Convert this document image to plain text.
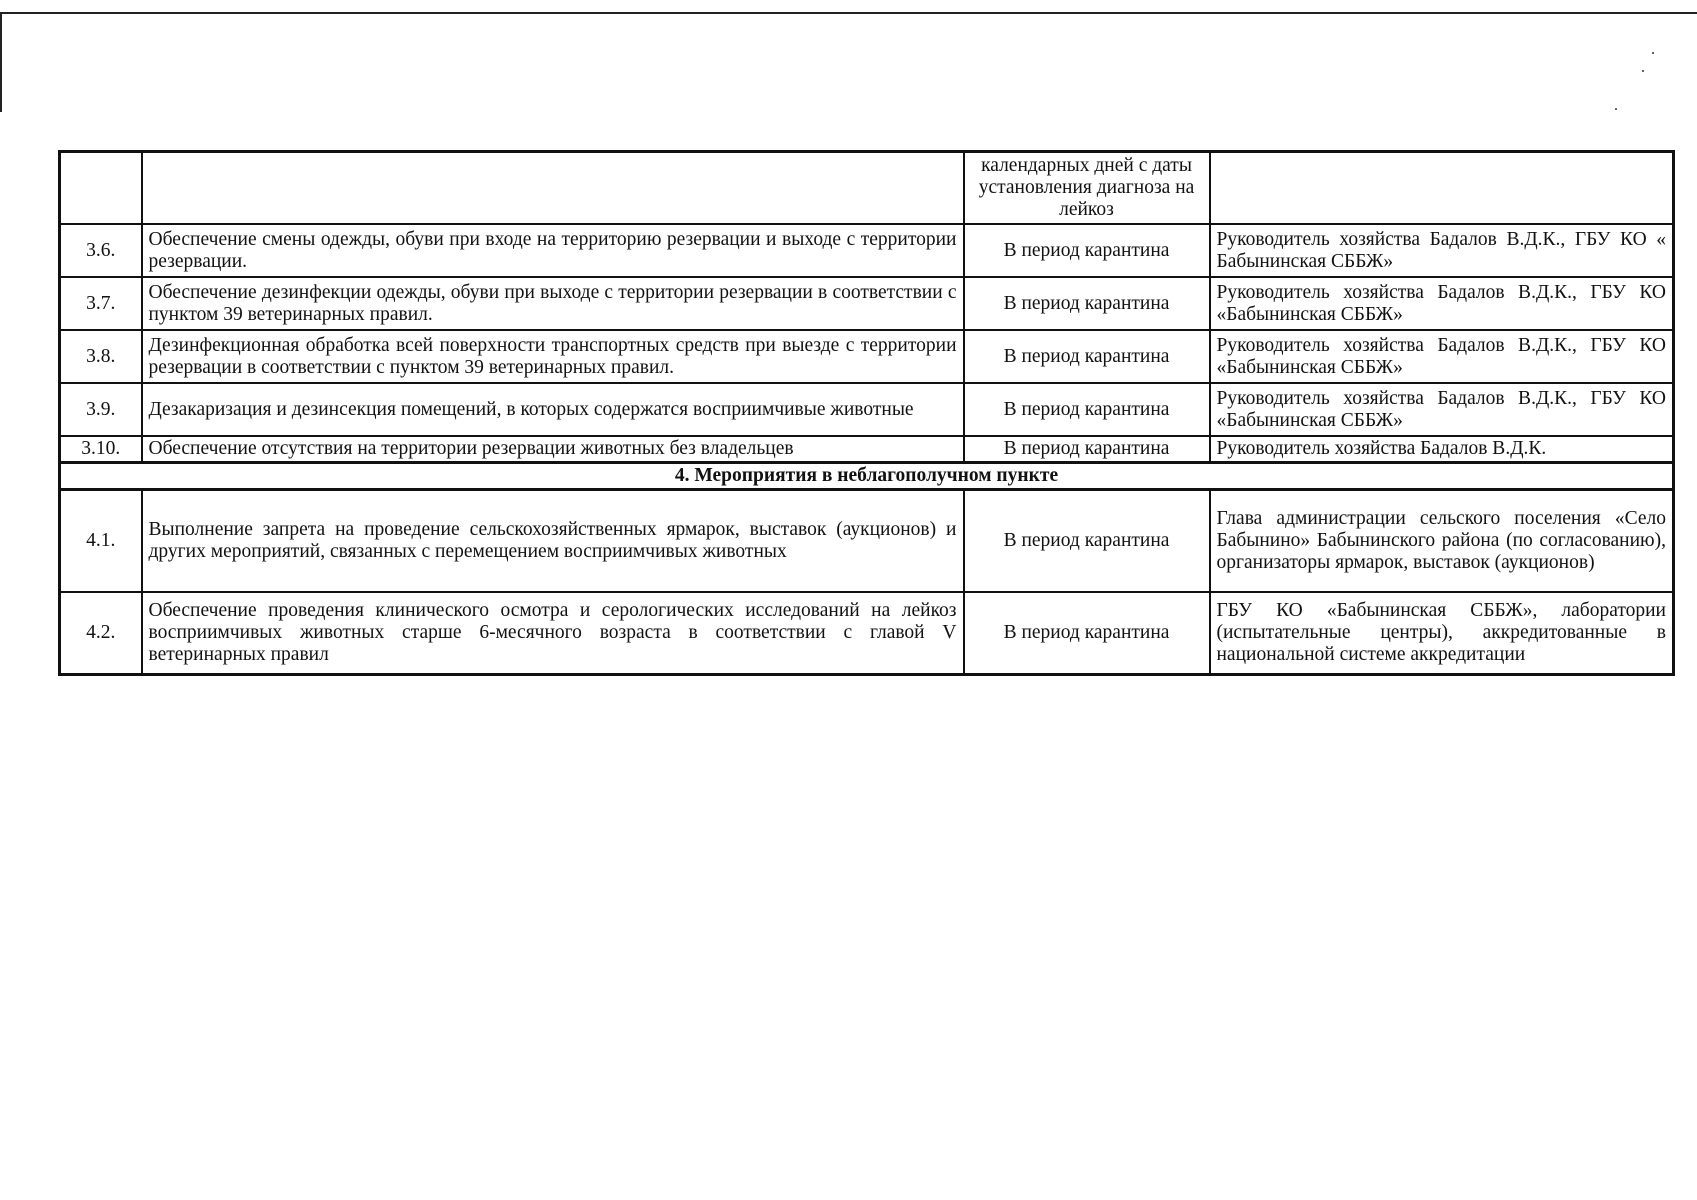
		календарных дней с даты установления диагноза на лейкоз	
3.6.	Обеспечение смены одежды, обуви при входе на территорию резервации и выходе с территории резервации.	В период карантина	Руководитель хозяйства Бадалов В.Д.К., ГБУ КО « Бабынинская СББЖ»
3.7.	Обеспечение дезинфекции одежды, обуви при выходе с территории резервации в соответствии с пунктом 39 ветеринарных правил.	В период карантина	Руководитель хозяйства Бадалов В.Д.К., ГБУ КО «Бабынинская СББЖ»
3.8.	Дезинфекционная обработка всей поверхности транспортных средств при выезде с территории резервации в соответствии с пунктом 39 ветеринарных правил.	В период карантина	Руководитель хозяйства Бадалов В.Д.К., ГБУ КО «Бабынинская СББЖ»
3.9.	Дезакаризация и дезинсекция помещений, в которых содержатся восприимчивые животные	В период карантина	Руководитель хозяйства Бадалов В.Д.К., ГБУ КО «Бабынинская СББЖ»
3.10.	Обеспечение отсутствия на территории резервации животных без владельцев	В период карантина	Руководитель хозяйства Бадалов В.Д.К.
4. Мероприятия в неблагополучном пункте			
4.1.	Выполнение запрета на проведение сельскохозяйственных ярмарок, выставок (аукционов) и других мероприятий, связанных с перемещением восприимчивых животных	В период карантина	Глава администрации сельского поселения «Село Бабынино» Бабынинского района (по согласованию), организаторы ярмарок, выставок (аукционов)
4.2.	Обеспечение проведения клинического осмотра и серологических исследований на лейкоз восприимчивых животных старше 6-месячного возраста в соответствии с главой V ветеринарных правил	В период карантина	ГБУ КО «Бабынинская СББЖ», лаборатории (испытательные центры), аккредитованные в национальной системе аккредитации
